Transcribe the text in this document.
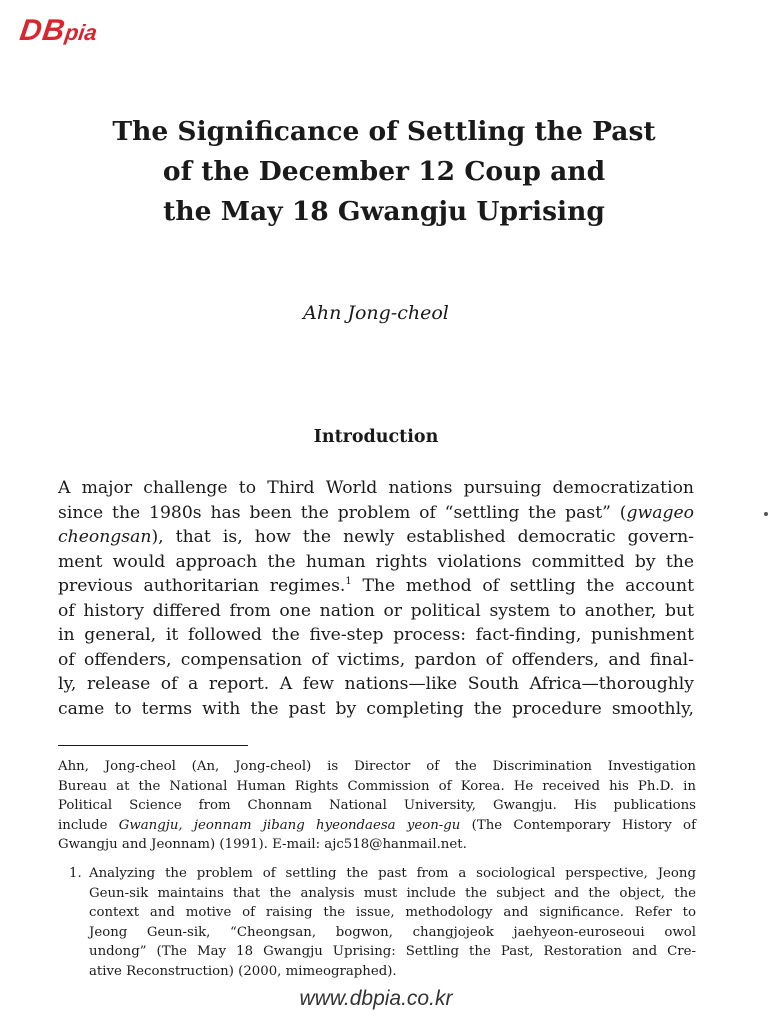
DBpia
The Significance of Settling the Past
of the December 12 Coup and
the May 18 Gwangju Uprising
Ahn Jong-cheol
Introduction
A major challenge to Third World nations pursuing democratization
since the 1980s has been the problem of “settling the past” (gwageo
cheongsan), that is, how the newly established democratic govern-
ment would approach the human rights violations committed by the
previous authoritarian regimes.$^1$ The method of settling the account
of history differed from one nation or political system to another, but
in general, it followed the five-step process: fact-finding, punishment
of offenders, compensation of victims, pardon of offenders, and final-
ly, release of a report. A few nations—like South Africa—thoroughly
came to terms with the past by completing the procedure smoothly,
Ahn, Jong-cheol (An, Jong-cheol) is Director of the Discrimination Investigation
Bureau at the National Human Rights Commission of Korea. He received his Ph.D. in
Political Science from Chonnam National University, Gwangju. His publications
include Gwangju, jeonnam jibang hyeondaesa yeon-gu (The Contemporary History of
Gwangju and Jeonnam) (1991). E-mail: ajc518@hanmail.net.
1. Analyzing the problem of settling the past from a sociological perspective, Jeong
Geun-sik maintains that the analysis must include the subject and the object, the
context and motive of raising the issue, methodology and significance. Refer to
Jeong Geun-sik, “Cheongsan, bogwon, changjojeok jaehyeon-euroseoui owol
undong” (The May 18 Gwangju Uprising: Settling the Past, Restoration and Cre-
ative Reconstruction) (2000, mimeographed).
www.dbpia.co.kr
